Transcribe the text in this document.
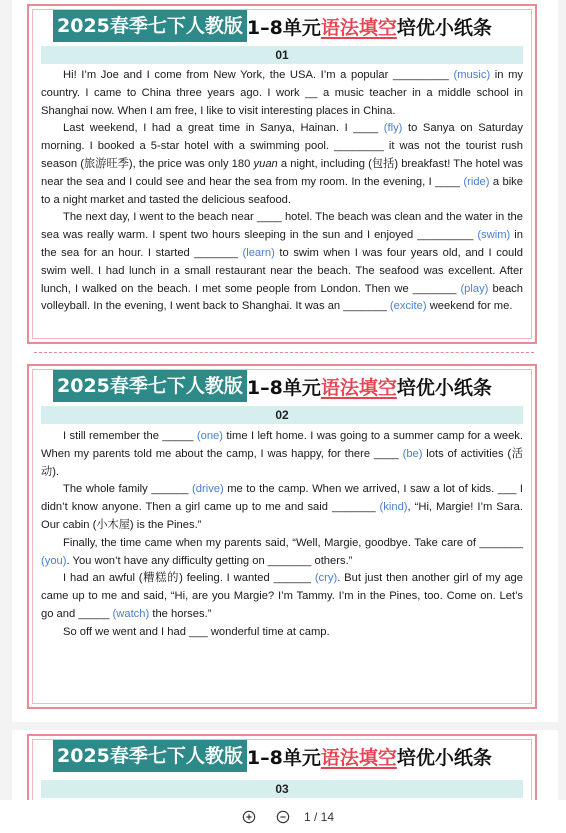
2025春季七下人教版 1–8单元 语法填空 培优小纸条
01

Hi! I’m Joe and I come from New York, the USA. I’m a popular _________ (music) in my country. I came to China three years ago. I work __ a music teacher in a middle school in Shanghai now. When I am free, I like to visit interesting places in China.

Last weekend, I had a great time in Sanya, Hainan. I ____ (fly) to Sanya on Saturday morning. I booked a 5-star hotel with a swimming pool. ________ it was not the tourist rush season (旅游旺季), the price was only 180 yuan a night, including (包括) breakfast! The hotel was near the sea and I could see and hear the sea from my room. In the evening, I ____ (ride) a bike to a night market and tasted the delicious seafood.

The next day, I went to the beach near ____ hotel. The beach was clean and the water in the sea was really warm. I spent two hours sleeping in the sun and I enjoyed _________ (swim) in the sea for an hour. I started _______ (learn) to swim when I was four years old, and I could swim well. I had lunch in a small restaurant near the beach. The seafood was excellent. After lunch, I walked on the beach. I met some people from London. Then we _______ (play) beach volleyball. In the evening, I went back to Shanghai. It was an _______ (excite) weekend for me.

2025春季七下人教版 1–8单元 语法填空 培优小纸条
02

I still remember the _____ (one) time I left home. I was going to a summer camp for a week. When my parents told me about the camp, I was happy, for there ____ (be) lots of activities (活动).

The whole family ______ (drive) me to the camp. When we arrived, I saw a lot of kids. ___ I didn’t know anyone. Then a girl came up to me and said _______ (kind), “Hi, Margie! I’m Sara. Our cabin (小木屋) is the Pines.”

Finally, the time came when my parents said, “Well, Margie, goodbye. Take care of _______ (you). You won’t have any difficulty getting on _______ others.”

I had an awful (糟糕的) feeling. I wanted ______ (cry). But just then another girl of my age came up to me and said, “Hi, are you Margie? I’m Tammy. I’m in the Pines, too. Come on. Let’s go and _____ (watch) the horses.”

So off we went and I had ___ wonderful time at camp.

2025春季七下人教版 1–8单元 语法填空 培优小纸条
03
1 / 14
